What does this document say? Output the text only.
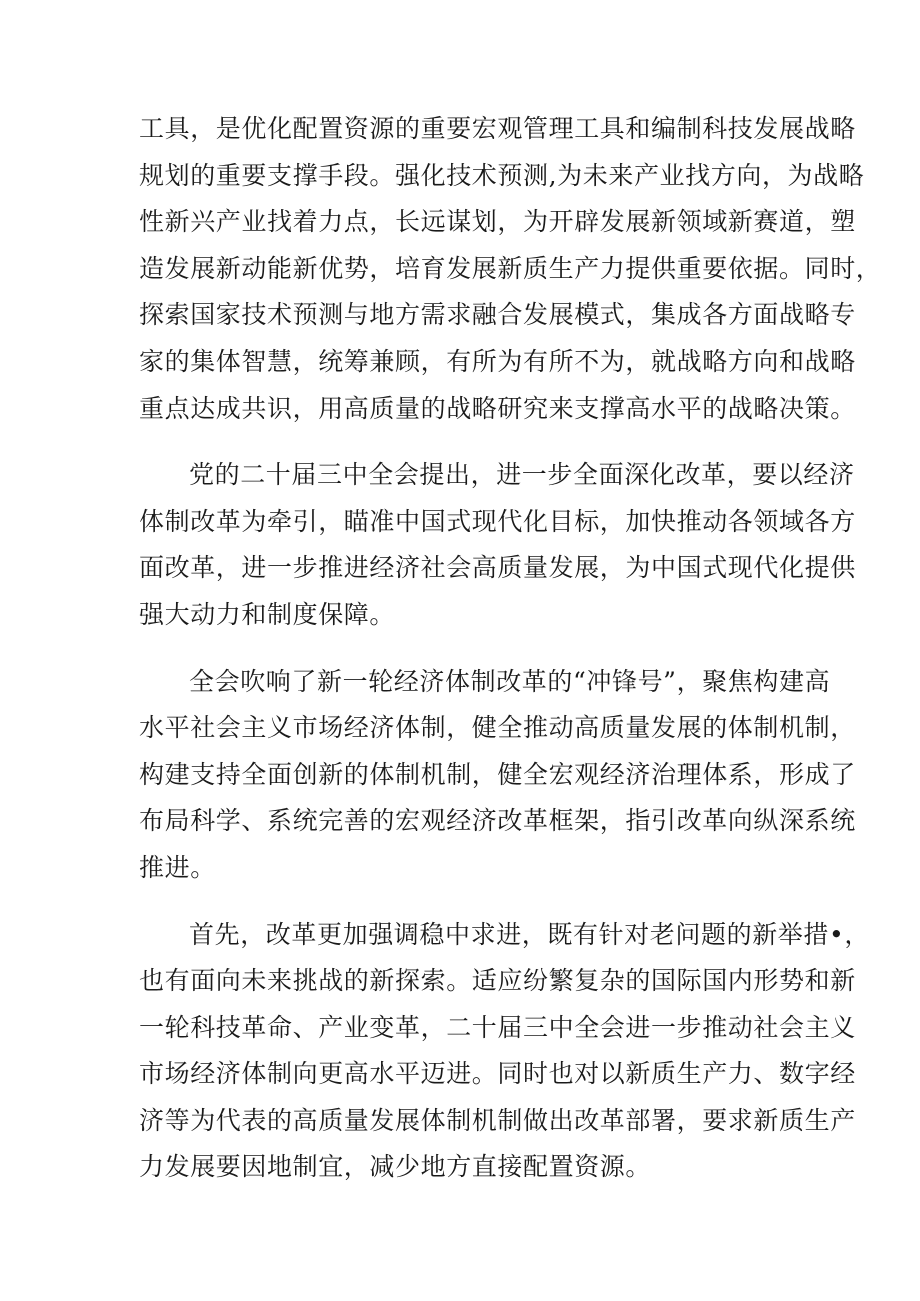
工具，是优化配置资源的重要宏观管理工具和编制科技发展战略
规划的重要支撑手段。强化技术预测,为未来产业找方向，为战略
性新兴产业找着力点，长远谋划，为开辟发展新领域新赛道，塑
造发展新动能新优势，培育发展新质生产力提供重要依据。同时，
探索国家技术预测与地方需求融合发展模式，集成各方面战略专
家的集体智慧，统筹兼顾，有所为有所不为，就战略方向和战略
重点达成共识，用高质量的战略研究来支撑高水平的战略决策。
党的二十届三中全会提出，进一步全面深化改革，要以经济
体制改革为牵引，瞄准中国式现代化目标，加快推动各领域各方
面改革，进一步推进经济社会高质量发展，为中国式现代化提供
强大动力和制度保障。
全会吹响了新一轮经济体制改革的“冲锋号”，聚焦构建高
水平社会主义市场经济体制，健全推动高质量发展的体制机制，
构建支持全面创新的体制机制，健全宏观经济治理体系，形成了
布局科学、系统完善的宏观经济改革框架，指引改革向纵深系统
推进。
首先，改革更加强调稳中求进，既有针对老问题的新举措•，
也有面向未来挑战的新探索。适应纷繁复杂的国际国内形势和新
一轮科技革命、产业变革，二十届三中全会进一步推动社会主义
市场经济体制向更高水平迈进。同时也对以新质生产力、数字经
济等为代表的高质量发展体制机制做出改革部署，要求新质生产
力发展要因地制宜，减少地方直接配置资源。
